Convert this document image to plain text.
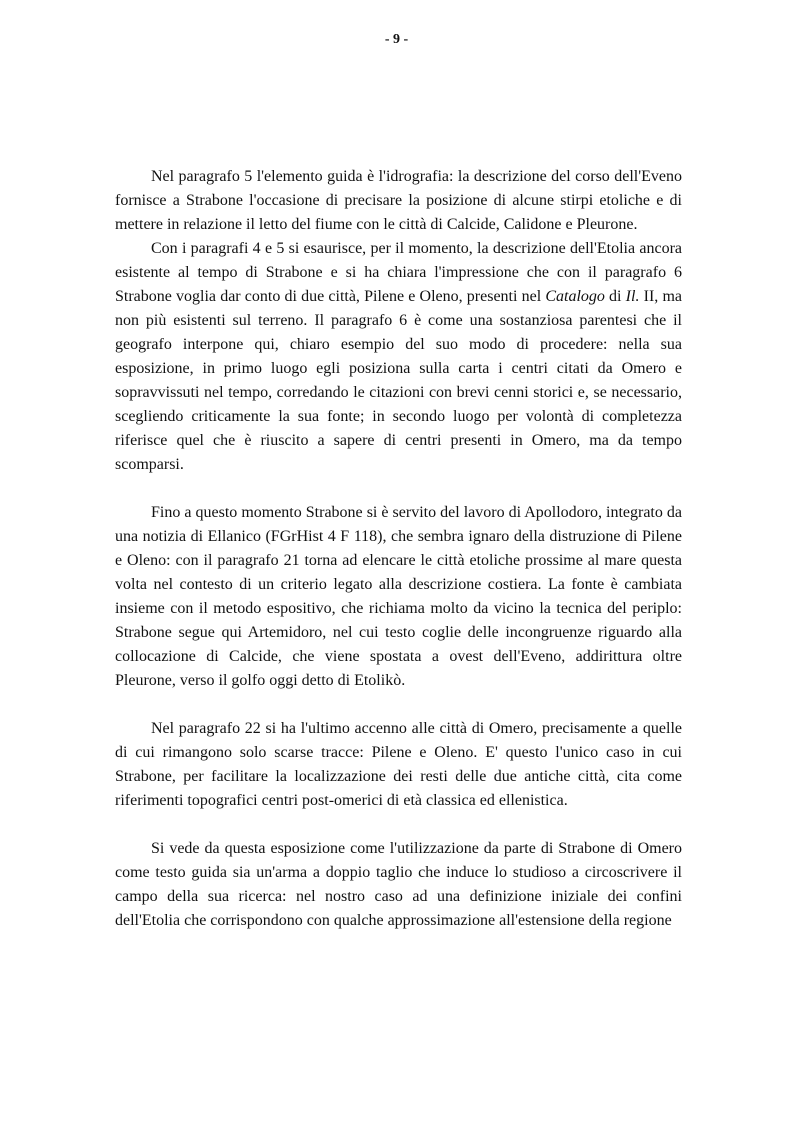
- 9 -

Nel paragrafo 5 l'elemento guida è l'idrografia: la descrizione del corso dell'Eveno fornisce a Strabone l'occasione di precisare la posizione di alcune stirpi etoliche e di mettere in relazione il letto del fiume con le città di Calcide, Calidone e Pleurone.

Con i paragrafi 4 e 5 si esaurisce, per il momento, la descrizione dell'Etolia ancora esistente al tempo di Strabone e si ha chiara l'impressione che con il paragrafo 6 Strabone voglia dar conto di due città, Pilene e Oleno, presenti nel Catalogo di Il. II, ma non più esistenti sul terreno. Il paragrafo 6 è come una sostanziosa parentesi che il geografo interpone qui, chiaro esempio del suo modo di procedere: nella sua esposizione, in primo luogo egli posiziona sulla carta i centri citati da Omero e sopravvissuti nel tempo, corredando le citazioni con brevi cenni storici e, se necessario, scegliendo criticamente la sua fonte; in secondo luogo per volontà di completezza riferisce quel che è riuscito a sapere di centri presenti in Omero, ma da tempo scomparsi.

Fino a questo momento Strabone si è servito del lavoro di Apollodoro, integrato da una notizia di Ellanico (FGrHist 4 F 118), che sembra ignaro della distruzione di Pilene e Oleno: con il paragrafo 21 torna ad elencare le città etoliche prossime al mare questa volta nel contesto di un criterio legato alla descrizione costiera. La fonte è cambiata insieme con il metodo espositivo, che richiama molto da vicino la tecnica del periplo: Strabone segue qui Artemidoro, nel cui testo coglie delle incongruenze riguardo alla collocazione di Calcide, che viene spostata a ovest dell'Eveno, addirittura oltre Pleurone, verso il golfo oggi detto di Etolikò.

Nel paragrafo 22 si ha l'ultimo accenno alle città di Omero, precisamente a quelle di cui rimangono solo scarse tracce: Pilene e Oleno. E' questo l'unico caso in cui Strabone, per facilitare la localizzazione dei resti delle due antiche città, cita come riferimenti topografici centri post-omerici di età classica ed ellenistica.

Si vede da questa esposizione come l'utilizzazione da parte di Strabone di Omero come testo guida sia un'arma a doppio taglio che induce lo studioso a circoscrivere il campo della sua ricerca: nel nostro caso ad una definizione iniziale dei confini dell'Etolia che corrispondono con qualche approssimazione all'estensione della regione
